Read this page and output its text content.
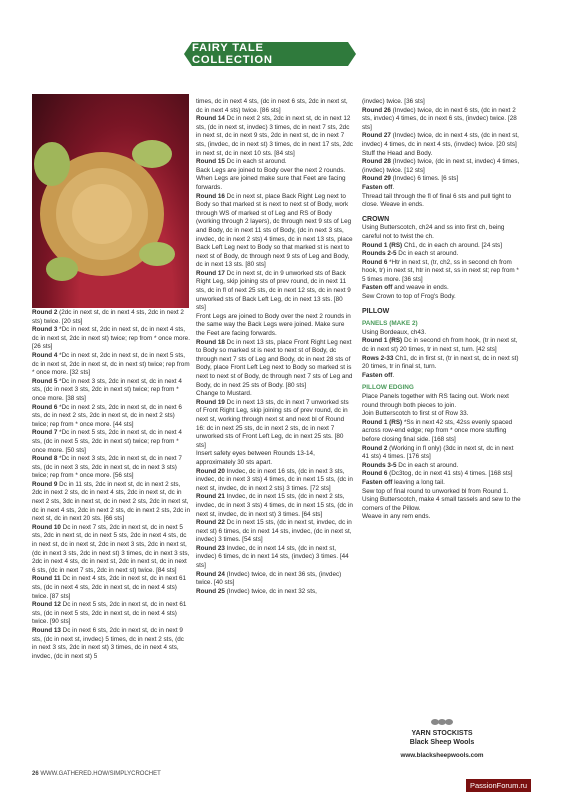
FAIRY TALE COLLECTION

Round 2 (2dc in next st, dc in next 4 sts, 2dc in next 2 sts) twice. [20 sts]

Round 3 *Dc in next st, 2dc in next st, dc in next 4 sts, dc in next st, 2dc in next st) twice; rep from * once more. [26 sts]

Round 4 *Dc in next st, 2dc in next st, dc in next 5 sts, dc in next st, 2dc in next st, dc in next st) twice; rep from * once more. [32 sts]

Round 5 *Dc in next 3 sts, 2dc in next st, dc in next 4 sts, (dc in next 3 sts, 2dc in next st) twice; rep from * once more. [38 sts]

Round 6 *Dc in next 2 sts, 2dc in next st, dc in next 6 sts, dc in next 2 sts, 2dc in next st, dc in next 2 sts) twice; rep from * once more. [44 sts]

Round 7 *Dc in next 5 sts, 2dc in next st, dc in next 4 sts, (dc in next 5 sts, 2dc in next st) twice; rep from * once more. [50 sts]

Round 8 *Dc in next 3 sts, 2dc in next st, dc in next 7 sts, (dc in next 3 sts, 2dc in next st, dc in next 3 sts) twice; rep from * once more. [56 sts]

Round 9 Dc in 11 sts, 2dc in next st, dc in next 2 sts, 2dc in next 2 sts, dc in next 4 sts, 2dc in next st, dc in next 2 sts, 3dc in next st, dc in next 2 sts, 2dc in next st, dc in next 4 sts, 2dc in next 2 sts, dc in next 2 sts, 2dc in next st, dc in next 20 sts. [66 sts]

Round 10 Dc in next 7 sts, 2dc in next st, dc in next 5 sts, 2dc in next st, dc in next 5 sts, 2dc in next 4 sts, dc in next st, dc in next st, 2dc in next 3 sts, 2dc in next st, (dc in next 3 sts, 2dc in next st) 3 times, dc in next 3 sts, 2dc in next 4 sts, dc in next st, 2dc in next st, dc in next 6 sts, (dc in next 7 sts, 2dc in next st) twice. [84 sts]

Round 11 Dc in next 4 sts, 2dc in next st, dc in next 61 sts, (dc in next 4 sts, 2dc in next st, dc in next 4 sts) twice. [87 sts]

Round 12 Dc in next 5 sts, 2dc in next st, dc in next 61 sts, (dc in next 5 sts, 2dc in next st, dc in next 4 sts) twice. [90 sts]

Round 13 Dc in next 6 sts, 2dc in next st, dc in next 9 sts, (dc in next st, invdec) 5 times, dc in next 2 sts, (dc in next 3 sts, 2dc in next st) 3 times, dc in next 4 sts, invdec, (dc in next st) 5

times, dc in next 4 sts, (dc in next 6 sts, 2dc in next st, dc in next 4 sts) twice. [86 sts]

Round 14 Dc in next 2 sts, 2dc in next st, dc in next 12 sts, (dc in next st, invdec) 3 times, dc in next 7 sts, 2dc in next st, dc in next 9 sts, 2dc in next st, dc in next 7 sts, (invdec, dc in next st) 3 times, dc in next 17 sts, 2dc in next st, dc in next 10 sts. [84 sts]

Round 15 Dc in each st around.

Back Legs are joined to Body over the next 2 rounds. When Legs are joined make sure that Feet are facing forwards.

Round 16 Dc in next st, place Back Right Leg next to Body so that marked st is next to next st of Body, work through WS of marked st of Leg and RS of Body (working through 2 layers), dc through next 9 sts of Leg and Body, dc in next 11 sts of Body, (dc in next 3 sts, invdec, dc in next 2 sts) 4 times, dc in next 13 sts, place Back Left Leg next to Body so that marked st is next to next st of Body, dc through next 9 sts of Leg and Body, dc in next 13 sts. [80 sts]

Round 17 Dc in next st, dc in 9 unworked sts of Back Right Leg, skip joining sts of prev round, dc in next 11 sts, dc in fl of next 25 sts, dc in next 12 sts, dc in next 9 unworked sts of Back Left Leg, dc in next 13 sts. [80 sts]

Front Legs are joined to Body over the next 2 rounds in the same way the Back Legs were joined. Make sure the Feet are facing forwards.

Round 18 Dc in next 13 sts, place Front Right Leg next to Body so marked st is next to next st of Body, dc through next 7 sts of Leg and Body, dc in next 28 sts of Body, place Front Left Leg next to Body so marked st is next to next st of Body, dc through next 7 sts of Leg and Body, dc in next 25 sts of Body. [80 sts]

Change to Mustard.

Round 19 Dc in next 13 sts, dc in next 7 unworked sts of Front Right Leg, skip joining sts of prev round, dc in next st, working through next st and next bl of Round 16: dc in next 25 sts, dc in next 2 sts, dc in next 7 unworked sts of Front Left Leg, dc in next 25 sts. [80 sts]

Insert safety eyes between Rounds 13-14, approximately 30 sts apart.

Round 20 Invdec, dc in next 16 sts, (dc in next 3 sts, invdec, dc in next 3 sts) 4 times, dc in next 15 sts, (dc in next st, invdec, dc in next 2 sts) 3 times. [72 sts]

Round 21 Invdec, dc in next 15 sts, (dc in next 2 sts, invdec, dc in next 3 sts) 4 times, dc in next 15 sts, (dc in next st, invdec, dc in next st) 3 times. [64 sts]

Round 22 Dc in next 15 sts, (dc in next st, invdec, dc in next st) 6 times, dc in next 14 sts, invdec, (dc in next st, invdec) 3 times. [54 sts]

Round 23 Invdec, dc in next 14 sts, (dc in next st, invdec) 6 times, dc in next 14 sts, (invdec) 3 times. [44 sts]

Round 24 (Invdec) twice, dc in next 36 sts, (invdec) twice. [40 sts]

Round 25 (Invdec) twice, dc in next 32 sts,

(invdec) twice. [36 sts]

Round 26 (Invdec) twice, dc in next 6 sts, (dc in next 2 sts, invdec) 4 times, dc in next 6 sts, (invdec) twice. [28 sts]

Round 27 (Invdec) twice, dc in next 4 sts, (dc in next st, invdec) 4 times, dc in next 4 sts, (invdec) twice. [20 sts]

Stuff the Head and Body.

Round 28 (Invdec) twice, (dc in next st, invdec) 4 times, (invdec) twice. [12 sts]

Round 29 (Invdec) 6 times. [6 sts]

Fasten off.

Thread tail through the fl of final 6 sts and pull tight to close. Weave in ends.

CROWN

Using Butterscotch, ch24 and ss into first ch, being careful not to twist the ch.

Round 1 (RS) Ch1, dc in each ch around. [24 sts]

Rounds 2-5 Dc in each st around.

Round 6 *Htr in next st, (tr, ch2, ss in second ch from hook, tr) in next st, htr in next st, ss in next st; rep from * 5 times more. [36 sts]

Fasten off and weave in ends.

Sew Crown to top of Frog's Body.

PILLOW

PANELS (MAKE 2)

Using Bordeaux, ch43.

Round 1 (RS) Dc in second ch from hook, (tr in next st, dc in next st) 20 times, tr in next st, turn. [42 sts]

Rows 2-33 Ch1, dc in first st, (tr in next st, dc in next st) 20 times, tr in final st, turn.

Fasten off.

PILLOW EDGING

Place Panels together with RS facing out. Work next round through both pieces to join.

Join Butterscotch to first st of Row 33.

Round 1 (RS) *Ss in next 42 sts, 42ss evenly spaced across row-end edge; rep from * once more stuffing before closing final side. [168 sts]

Round 2 (Working in fl only) (3dc in next st, dc in next 41 sts) 4 times. [176 sts]

Rounds 3-5 Dc in each st around.

Round 6 (Dc3tog, dc in next 41 sts) 4 times. [168 sts]

Fasten off leaving a long tail.

Sew top of final round to unworked bl from Round 1.

Using Butterscotch, make 4 small tassels and sew to the corners of the Pillow.

Weave in any rem ends.

YARN STOCKISTS
Black Sheep Wools
www.blacksheepwools.com
26 WWW.GATHERED.HOW/SIMPLYCROCHET
PassionForum.ru
